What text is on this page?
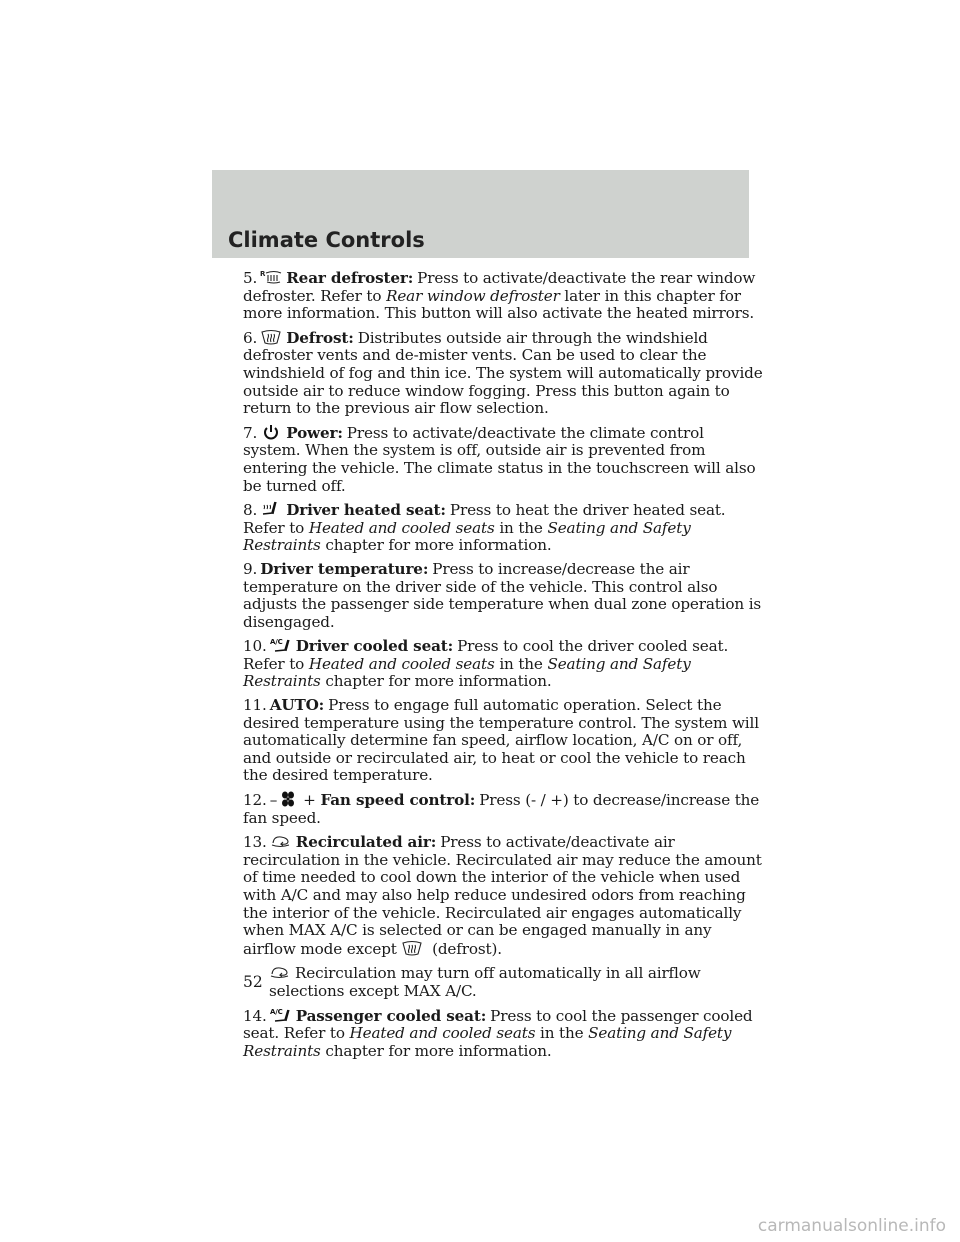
Climate Controls

5. R Rear defroster: Press to activate/deactivate the rear window defroster. Refer to Rear window defroster later in this chapter for more information. This button will also activate the heated mirrors.

6. Defrost: Distributes outside air through the windshield defroster vents and de-mister vents. Can be used to clear the windshield of fog and thin ice. The system will automatically provide outside air to reduce window fogging. Press this button again to return to the previous air flow selection.

7. Power: Press to activate/deactivate the climate control system. When the system is off, outside air is prevented from entering the vehicle. The climate status in the touchscreen will also be turned off.

8. Driver heated seat: Press to heat the driver heated seat. Refer to Heated and cooled seats in the Seating and Safety Restraints chapter for more information.

9. Driver temperature: Press to increase/decrease the air temperature on the driver side of the vehicle. This control also adjusts the passenger side temperature when dual zone operation is disengaged.

10. A/C Driver cooled seat: Press to cool the driver cooled seat. Refer to Heated and cooled seats in the Seating and Safety Restraints chapter for more information.

11. AUTO: Press to engage full automatic operation. Select the desired temperature using the temperature control. The system will automatically determine fan speed, airflow location, A/C on or off, and outside or recirculated air, to heat or cool the vehicle to reach the desired temperature.

12. – + Fan speed control: Press (- / +) to decrease/increase the fan speed.

13. Recirculated air: Press to activate/deactivate air recirculation in the vehicle. Recirculated air may reduce the amount of time needed to cool down the interior of the vehicle when used with A/C and may also help reduce undesired odors from reaching the interior of the vehicle. Recirculated air engages automatically when MAX A/C is selected or can be engaged manually in any airflow mode except
(defrost).

Recirculation may turn off automatically in all airflow selections except MAX A/C.

14. A/C Passenger cooled seat: Press to cool the passenger cooled seat. Refer to Heated and cooled seats in the Seating and Safety Restraints chapter for more information.

52
carmanualsonline.info
